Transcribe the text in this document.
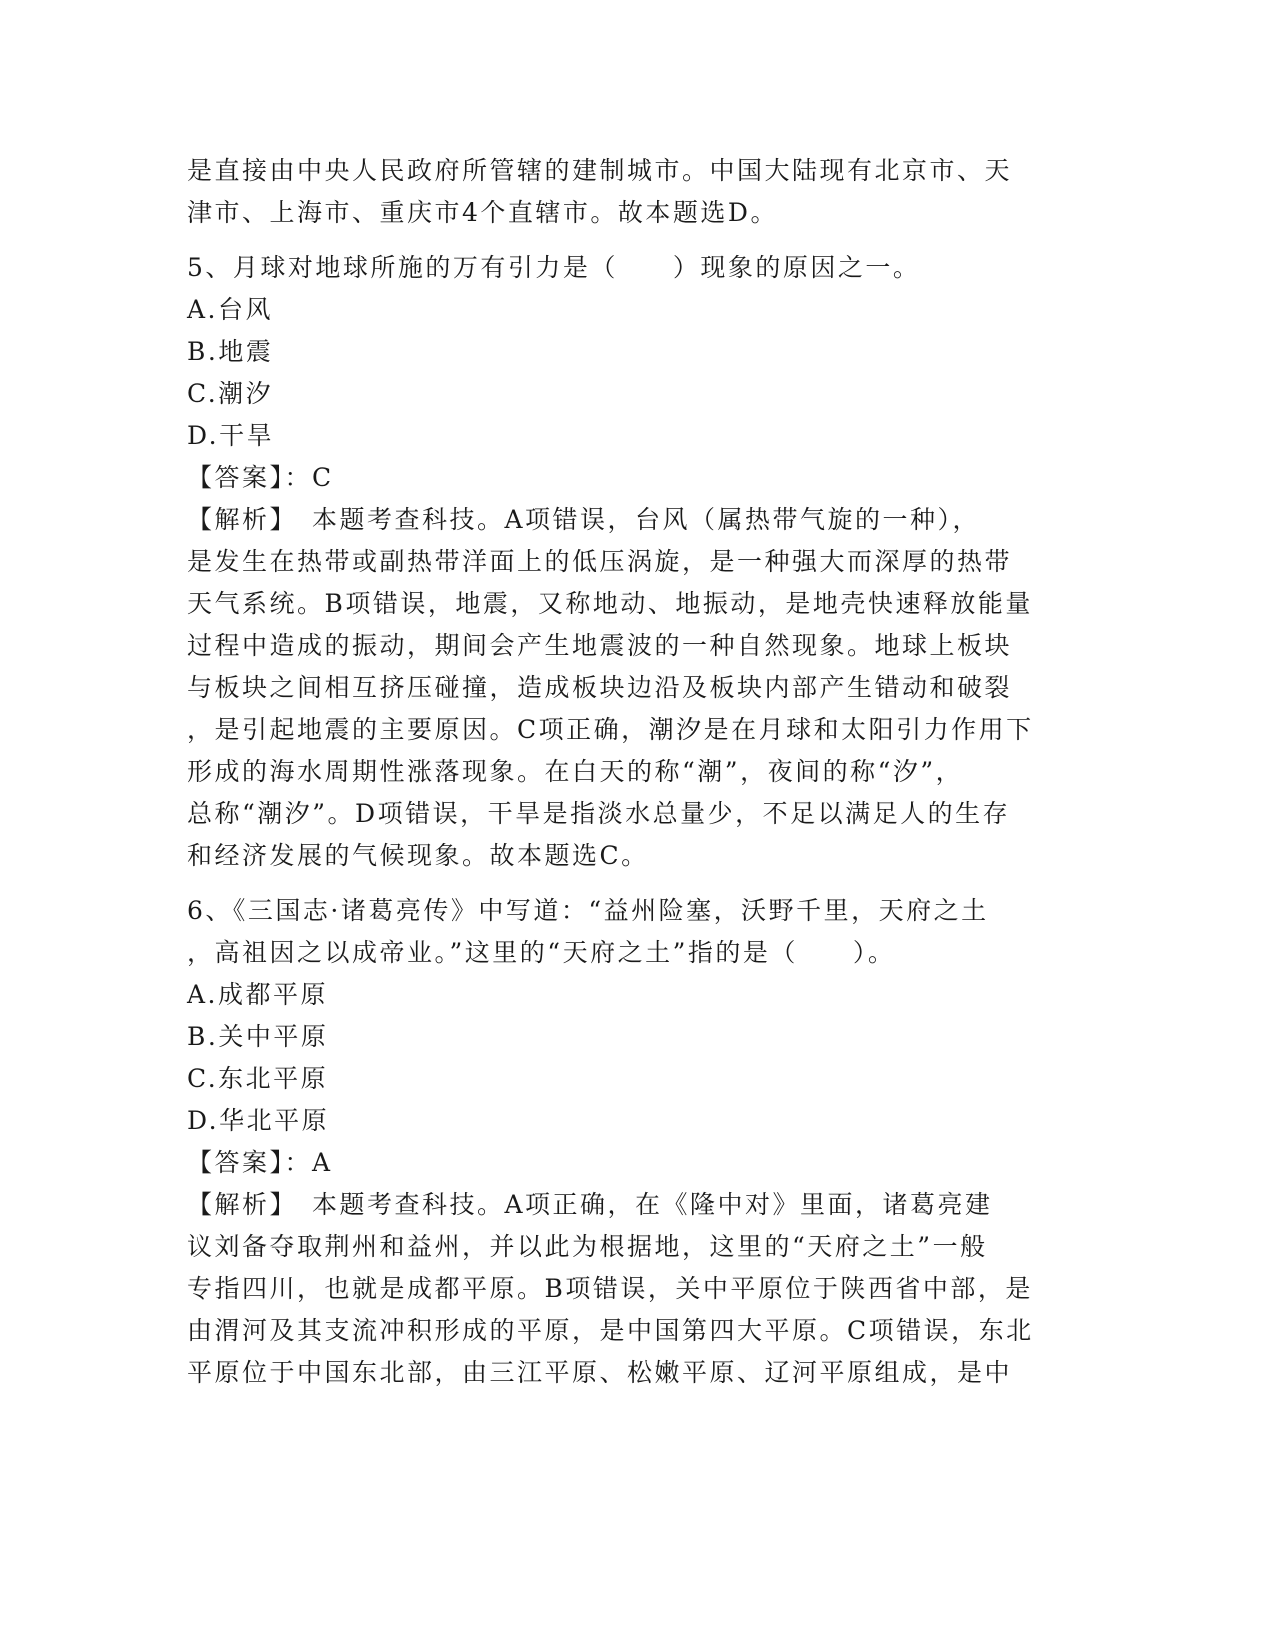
是直接由中央人民政府所管辖的建制城市。中国大陆现有北京市、天
津市、上海市、重庆市4个直辖市。故本题选D。
5、月球对地球所施的万有引力是（　　）现象的原因之一。
A.台风
B.地震
C.潮汐
D.干旱
【答案】：C
【解析】　本题考查科技。A项错误，台风（属热带气旋的一种），
是发生在热带或副热带洋面上的低压涡旋，是一种强大而深厚的热带
天气系统。B项错误，地震，又称地动、地振动，是地壳快速释放能量
过程中造成的振动，期间会产生地震波的一种自然现象。地球上板块
与板块之间相互挤压碰撞，造成板块边沿及板块内部产生错动和破裂
，是引起地震的主要原因。C项正确，潮汐是在月球和太阳引力作用下
形成的海水周期性涨落现象。在白天的称“潮”，夜间的称“汐”，
总称“潮汐”。D项错误，干旱是指淡水总量少，不足以满足人的生存
和经济发展的气候现象。故本题选C。
6、《三国志·诸葛亮传》中写道：“益州险塞，沃野千里，天府之土
，高祖因之以成帝业。”这里的“天府之土”指的是（　　）。
A.成都平原
B.关中平原
C.东北平原
D.华北平原
【答案】：A
【解析】　本题考查科技。A项正确，在《隆中对》里面，诸葛亮建
议刘备夺取荆州和益州，并以此为根据地，这里的“天府之土”一般
专指四川，也就是成都平原。B项错误，关中平原位于陕西省中部，是
由渭河及其支流冲积形成的平原，是中国第四大平原。C项错误，东北
平原位于中国东北部，由三江平原、松嫩平原、辽河平原组成，是中
